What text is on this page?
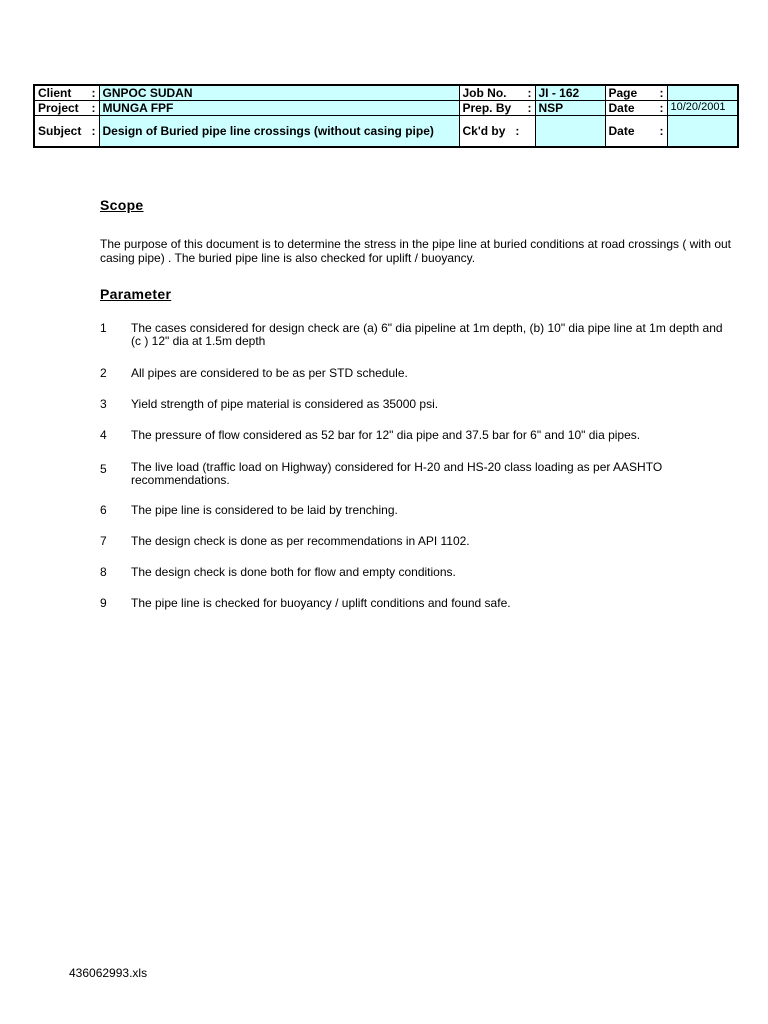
Client :	GNPOC SUDAN	Job No. :	JI - 162	Page :	

Project :	MUNGA FPF	Prep. By :	NSP	Date :	10/20/2001

Subject :	Design of Buried pipe line crossings (without casing pipe)	Ck'd by :		Date :	

Scope
The purpose of this document is to determine the stress in the pipe line at buried conditions at road crossings ( with out casing pipe) . The buried pipe line is also checked for uplift / buoyancy.
Parameter
1	The cases considered for design check are (a) 6" dia pipeline at 1m depth, (b) 10" dia pipe line at 1m depth and (c ) 12" dia at 1.5m depth
2	All pipes are considered to be as per STD schedule.
3	Yield strength of pipe material is considered as 35000 psi.
4	The pressure of flow considered as 52 bar for 12" dia pipe and 37.5 bar for 6" and 10" dia pipes.
5	The live load (traffic load on Highway) considered for H-20 and HS-20 class loading as per AASHTO recommendations.
6	The pipe line is considered to be laid by trenching.
7	The design check is done as per recommendations in API 1102.
8	The design check is done both for flow and empty conditions.
9	The pipe line is checked for buoyancy / uplift conditions and found safe.
436062993.xls
